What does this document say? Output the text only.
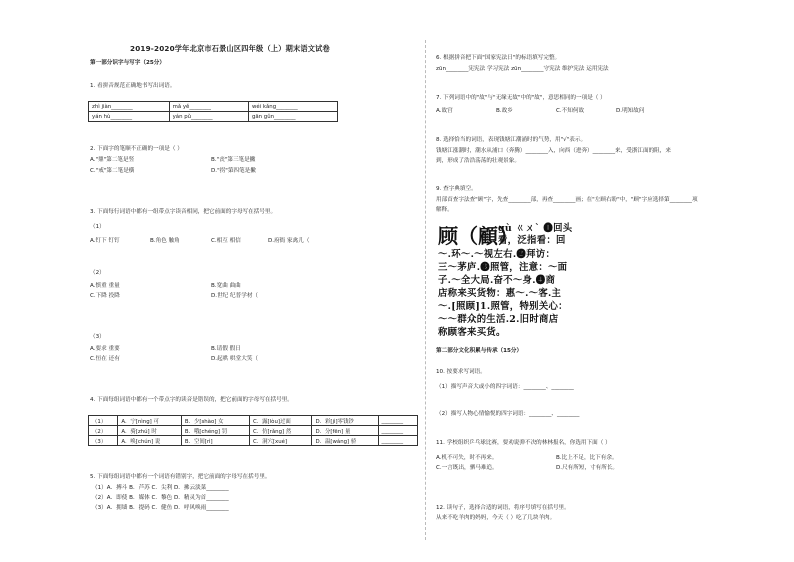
2019-2020学年北京市石景山区四年级（上）期末语文试卷
第一部分识字与写字（25分）
1. 看拼音规范正确地书写出词语。
zhì jiàn________	mǎ yě________	wéi kǎng________
yán hù________	yán pǔ________	gān gǔn________
2. 下面字的笔顺不正确的一项是（ ）
A."鼎"第二笔是竖	B."丧"第三笔是撇
C."戒"第二笔是横	D."拐"第四笔是撇
3. 下面每行词语中都有一组带点字读音相同，把它前面的字母写在括号里。
（1）
A.钉下 钉钉	B.角色 触角	C.相互 相信	D.府衙 家禽儿（
（2）
A.慎重 重量	B.宽曲 曲曲
C.下降 投降	D.世纪 纪普学材（
（3）
A.要求 重要	B.请假 假日
C.恒在 还有	D.起哄 哄堂大笑（
4. 下面每组词语中都有一个带点字的读音是错误的，把它前面的字母写在括号里。
（1）	A．宁[nìng] 可	B．少[shào] 女	C．露[lòu]过面	D．彩[jì]零钱钞	________
（2）	A．骑[zhú] 时	B．哦[chéng] 罚	C．仿[rǎng] 然	D．分[fēn] 量	________
（3）	A．唤[chún] 说	B．空间[rì]	C．洞穴[xué]	D．温[wáng] 骄	________
5. 下面每组词语中都有一个词语有错别字，把它前面的字母写在括号里。
（1）A．搏斗 B．芦苏 C．尖利 D．拂云淡菜________
（2）A．即使 B．媒体 C．黎色 D．精灵为首________
（3）A．拥墙 B．提码 C．健鱼 D．呼风唤雨________
6. 根据拼音把下面"国家宪法日"的标语填写完整。
zūn________宪宪法 学习宪法 zūn________守宪法 维护宪法 运用宪法
7. 下列词语中的"故"与"无缘无故"中的"故"，意思相同的一项是（ ）
A.故宫	B.故乡	C.不知何故	D.明知故问
8. 选择恰当的词语，表现钱塘江潮涌时的气势，用"√"表示。
钱塘江涨潮时，潮水从浦口（奔腾）________入，向西（进奔）________来，受浙江面的阻，来
到，形成了浩浩荡荡的壮观景象。
9. 查字典填空。
用部首查字法查"顾"字，先查________部，再查________画；在"左顾右盼"中，"顾"字应选择第________项
解释。
顾（顧）
gù ㄍㄨˋ ❶回头
看，泛指看：回
～.环～.～视左右.❷拜访：
三～茅庐.❸照管，注意：～面
子.～全大局.奋不～身.❹商
店称来买货物：惠～.～客.主
～.[照顾]1.照管，特别关心：
～～群众的生活.2.旧时商店
称顾客来买货。
第二部分文化积累与传承（15分）
10. 按要求写词语。
（1）描写声音大或小的四字词语：________、________
（2）描写人物心情愉悦的四字词语：________、________
11. 学校组织乒乓球比赛，要劝说弹不决的林林报名，你选用下面（ ）
A.机不可失，时不再来。	B.比上不足，比下有余。
C.一言既出，驷马难追。	D.尺有所短，寸有所长。
12. 读句子，选择合适的词语，将序号填写在括号里。
从来不吃羊肉的妈妈，今天（ ）吃了几块羊肉。
